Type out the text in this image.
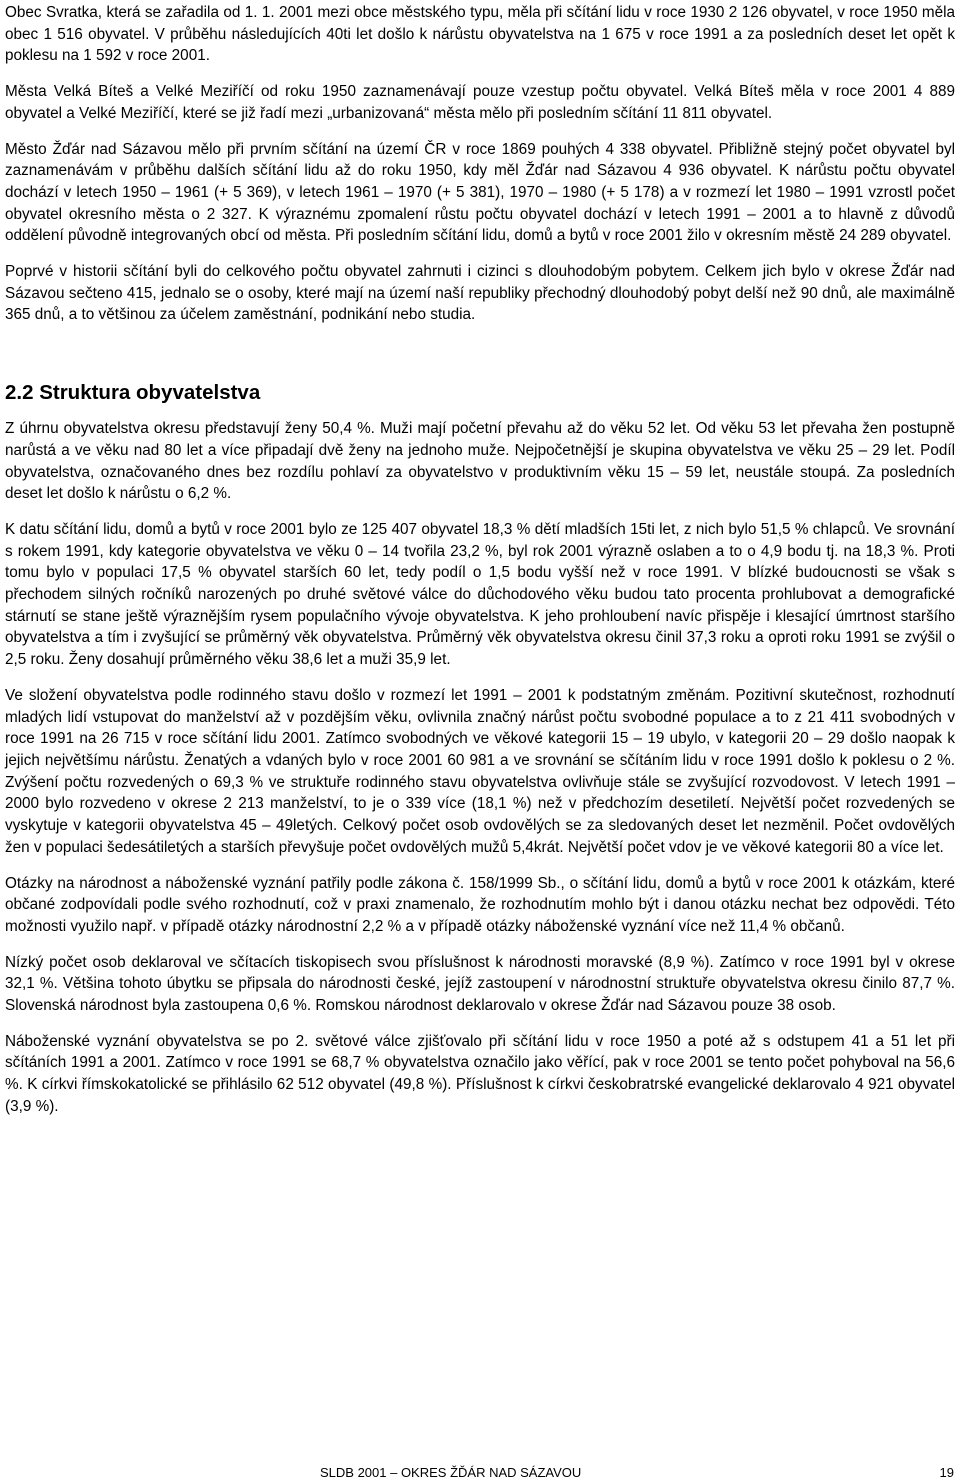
Obec Svratka, která se zařadila od 1. 1. 2001 mezi obce městského typu, měla při sčítání lidu v roce 1930 2 126 obyvatel, v roce 1950 měla obec 1 516 obyvatel. V průběhu následujících 40ti let došlo k nárůstu obyvatelstva na 1 675 v roce 1991 a za posledních deset let opět k poklesu na 1 592 v roce 2001.

Města Velká Bíteš a Velké Meziříčí od roku 1950 zaznamenávají pouze vzestup počtu obyvatel. Velká Bíteš měla v roce 2001 4 889 obyvatel a Velké Meziříčí, které se již řadí mezi „urbanizovaná“ města mělo při posledním sčítání 11 811 obyvatel.

Město Žďár nad Sázavou mělo při prvním sčítání na území ČR v roce 1869 pouhých 4 338 obyvatel. Přibližně stejný počet obyvatel byl zaznamenávám v průběhu dalších sčítání lidu až do roku 1950, kdy měl Žďár nad Sázavou 4 936 obyvatel. K nárůstu počtu obyvatel dochází v letech 1950 – 1961 (+ 5 369), v letech 1961 – 1970 (+ 5 381), 1970 – 1980 (+ 5 178) a v rozmezí let 1980 – 1991 vzrostl počet obyvatel okresního města o 2 327. K výraznému zpomalení růstu počtu obyvatel dochází v letech 1991 – 2001 a to hlavně z důvodů oddělení původně integrovaných obcí od města. Při posledním sčítání lidu, domů a bytů v roce 2001 žilo v okresním městě 24 289 obyvatel.

Poprvé v historii sčítání byli do celkového počtu obyvatel zahrnuti i cizinci s dlouhodobým pobytem. Celkem jich bylo v okrese Žďár nad Sázavou sečteno 415, jednalo se o osoby, které mají na území naší republiky přechodný dlouhodobý pobyt delší než 90 dnů, ale maximálně 365 dnů, a to většinou za účelem zaměstnání, podnikání nebo studia.

2.2 Struktura obyvatelstva

Z úhrnu obyvatelstva okresu představují ženy 50,4 %. Muži mají početní převahu až do věku 52 let. Od věku 53 let převaha žen postupně narůstá a ve věku nad 80 let a více připadají dvě ženy na jednoho muže. Nejpočetnější je skupina obyvatelstva ve věku 25 – 29 let. Podíl obyvatelstva, označovaného dnes bez rozdílu pohlaví za obyvatelstvo v produktivním věku 15 – 59 let, neustále stoupá. Za posledních deset let došlo k nárůstu o 6,2 %.

K datu sčítání lidu, domů a bytů v roce 2001 bylo ze 125 407 obyvatel 18,3 % dětí mladších 15ti let, z nich bylo 51,5 % chlapců. Ve srovnání s rokem 1991, kdy kategorie obyvatelstva ve věku 0 – 14 tvořila 23,2 %, byl rok 2001 výrazně oslaben a to o 4,9 bodu tj. na 18,3 %. Proti tomu bylo v populaci 17,5 % obyvatel starších 60 let, tedy podíl o 1,5 bodu vyšší než v roce 1991. V blízké budoucnosti se však s přechodem silných ročníků narozených po druhé světové válce do důchodového věku budou tato procenta prohlubovat a demografické stárnutí se stane ještě výraznějším rysem populačního vývoje obyvatelstva. K jeho prohloubení navíc přispěje i klesající úmrtnost staršího obyvatelstva a tím i zvyšující se průměrný věk obyvatelstva. Průměrný věk obyvatelstva okresu činil 37,3 roku a oproti roku 1991 se zvýšil o 2,5 roku. Ženy dosahují průměrného věku 38,6 let a muži 35,9 let.

Ve složení obyvatelstva podle rodinného stavu došlo v rozmezí let 1991 – 2001 k podstatným změnám. Pozitivní skutečnost, rozhodnutí mladých lidí vstupovat do manželství až v pozdějším věku, ovlivnila značný nárůst počtu svobodné populace a to z 21 411 svobodných v roce 1991 na 26 715 v roce sčítání lidu 2001. Zatímco svobodných ve věkové kategorii 15 – 19 ubylo, v kategorii 20 – 29 došlo naopak k jejich největšímu nárůstu. Ženatých a vdaných bylo v roce 2001 60 981 a ve srovnání se sčítáním lidu v roce 1991 došlo k poklesu o 2 %. Zvýšení počtu rozvedených o 69,3 % ve struktuře rodinného stavu obyvatelstva ovlivňuje stále se zvyšující rozvodovost. V letech 1991 – 2000 bylo rozvedeno v okrese 2 213 manželství, to je o 339 více (18,1 %) než v předchozím desetiletí. Největší počet rozvedených se vyskytuje v kategorii obyvatelstva 45 – 49letých. Celkový počet osob ovdovělých se za sledovaných deset let nezměnil. Počet ovdovělých žen v populaci šedesátiletých a starších převyšuje počet ovdovělých mužů 5,4krát. Největší počet vdov je ve věkové kategorii 80 a více let.

Otázky na národnost a náboženské vyznání patřily podle zákona č. 158/1999 Sb., o sčítání lidu, domů a bytů v roce 2001 k otázkám, které občané zodpovídali podle svého rozhodnutí, což v praxi znamenalo, že rozhodnutím mohlo být i danou otázku nechat bez odpovědi. Této možnosti využilo např. v případě otázky národnostní 2,2 % a v případě otázky náboženské vyznání více než 11,4 % občanů.

Nízký počet osob deklaroval ve sčítacích tiskopisech svou příslušnost k národnosti moravské (8,9 %). Zatímco v roce 1991 byl v okrese 32,1 %. Většina tohoto úbytku se připsala do národnosti české, jejíž zastoupení v národnostní struktuře obyvatelstva okresu činilo 87,7 %. Slovenská národnost byla zastoupena 0,6 %. Romskou národnost deklarovalo v okrese Žďár nad Sázavou pouze 38 osob.

Náboženské vyznání obyvatelstva se po 2. světové válce zjišťovalo při sčítání lidu v roce 1950 a poté až s odstupem 41 a 51 let při sčítáních 1991 a 2001. Zatímco v roce 1991 se 68,7 % obyvatelstva označilo jako věřící, pak v roce 2001 se tento počet pohyboval na 56,6 %. K církvi římskokatolické se přihlásilo 62 512 obyvatel (49,8 %). Příslušnost k církvi českobratrské evangelické deklarovalo 4 921 obyvatel (3,9 %).

SLDB 2001 – OKRES ŽĎÁR NAD SÁZAVOU	19
